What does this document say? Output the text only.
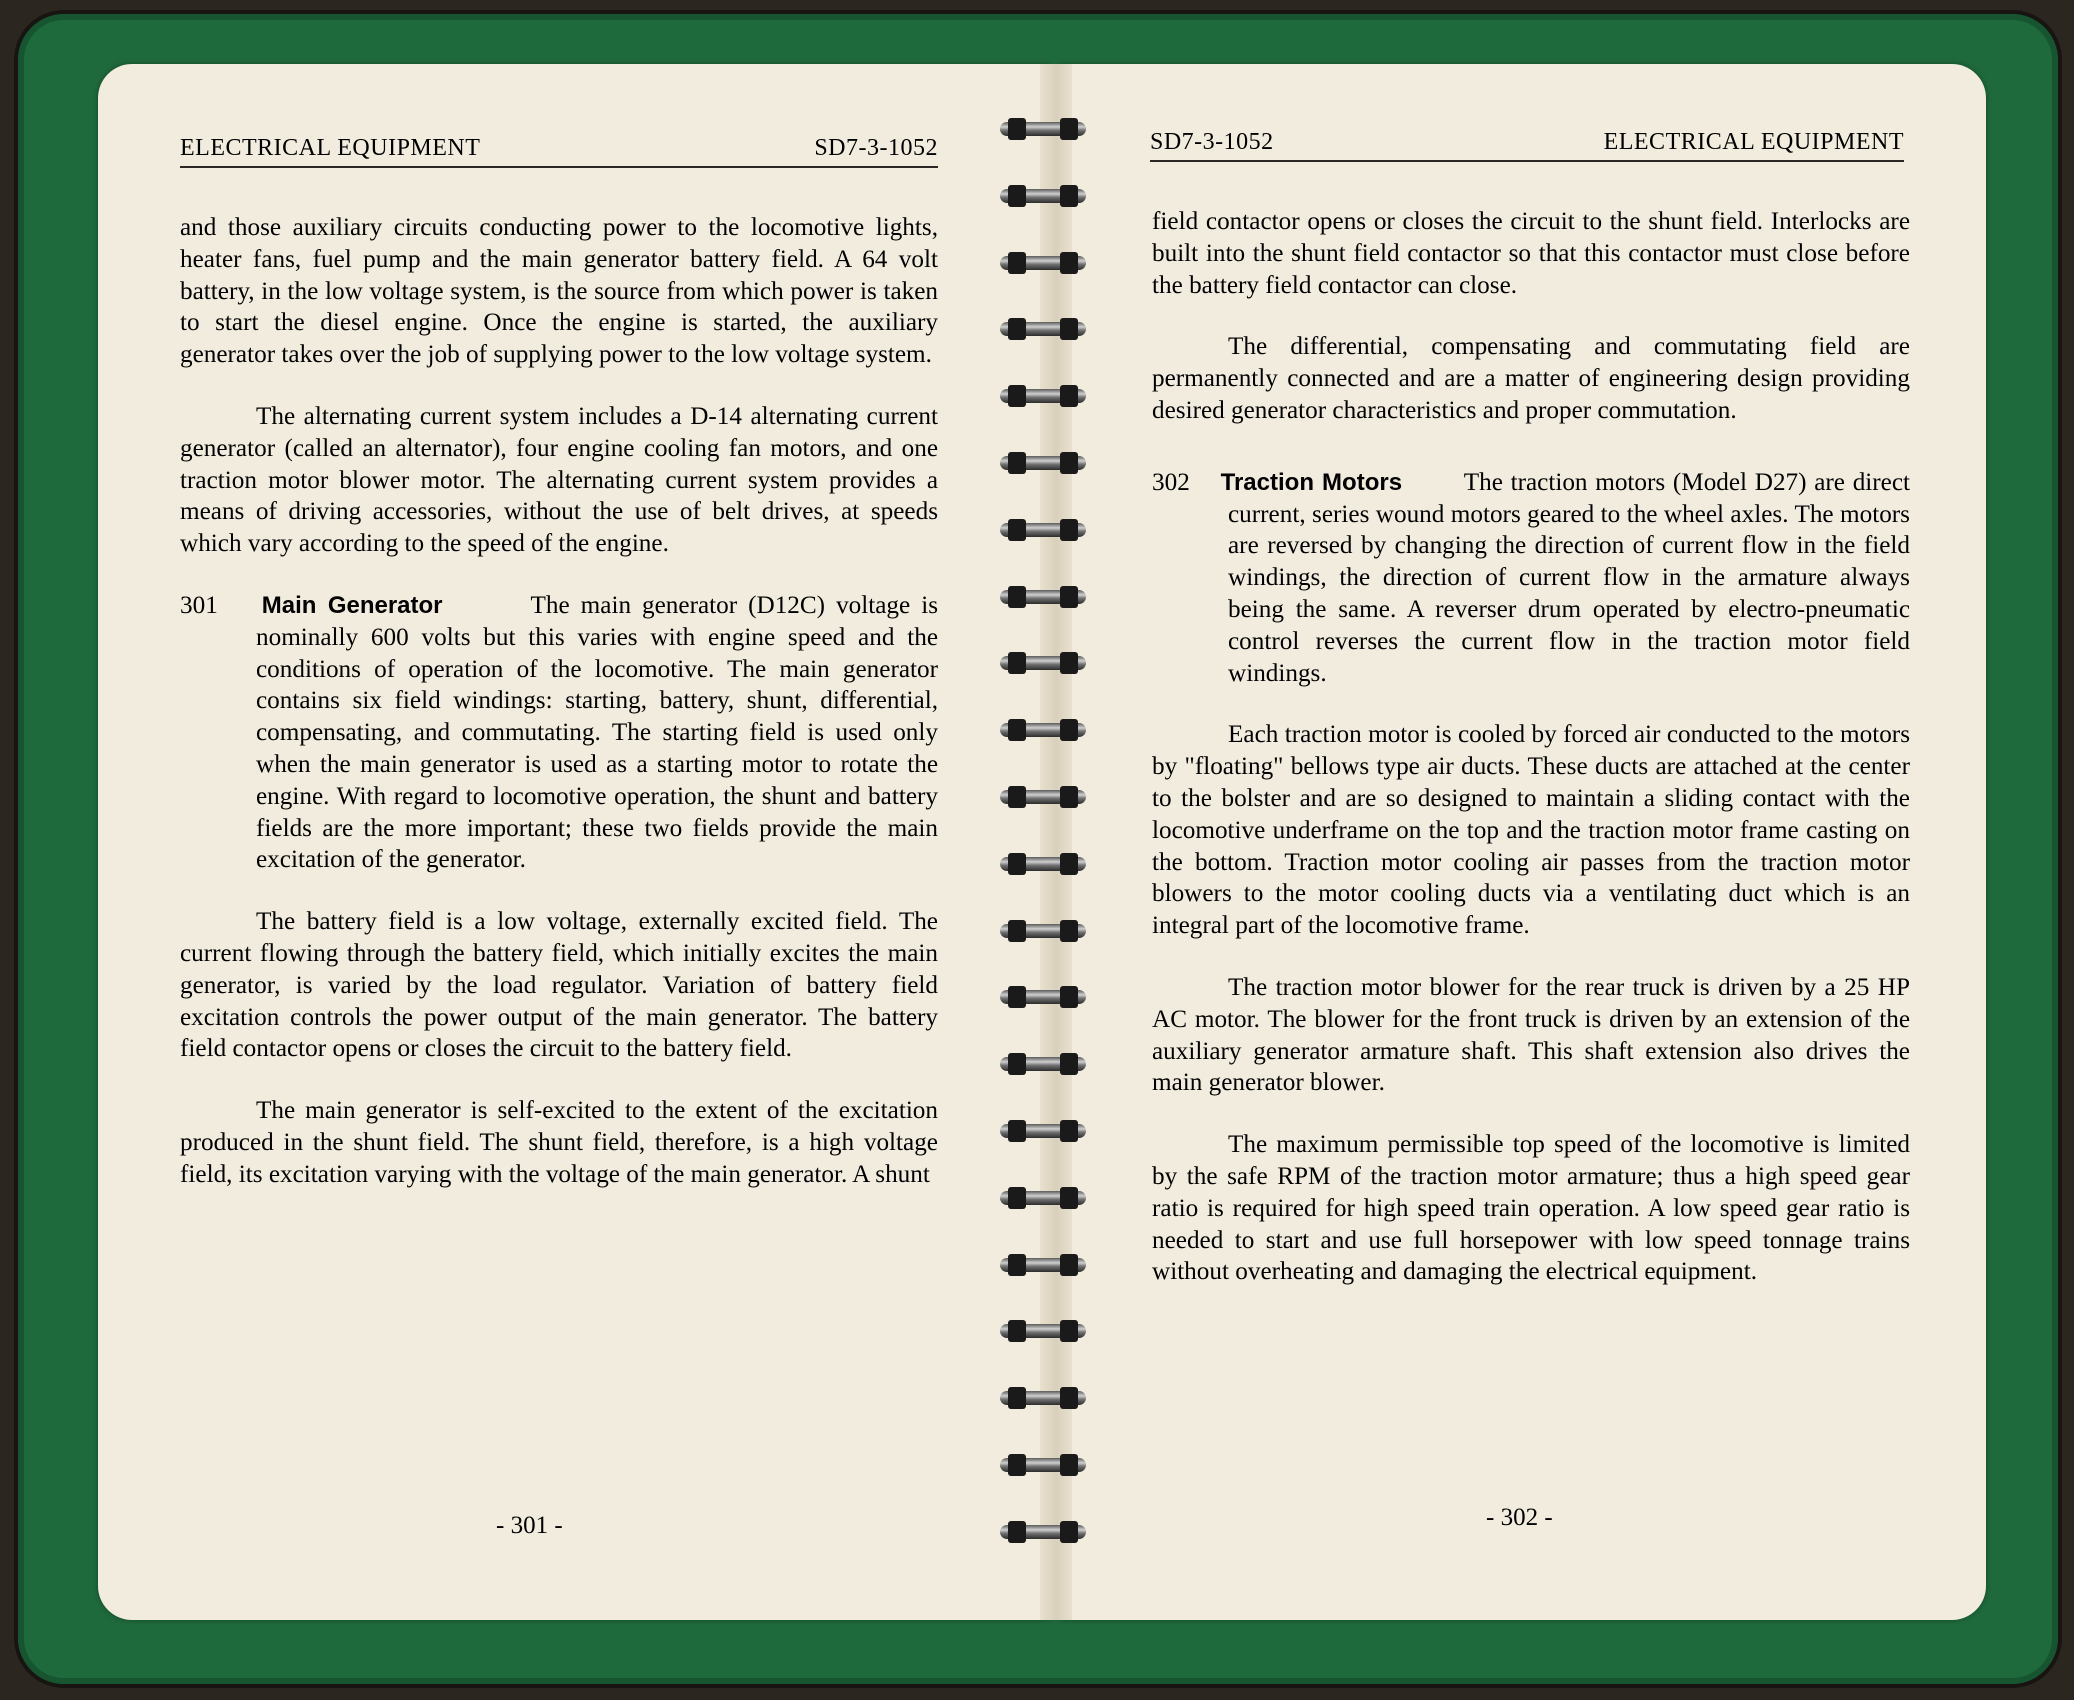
ELECTRICAL EQUIPMENT	SD7-3-1052

and those auxiliary circuits conducting power to the locomotive lights, heater fans, fuel pump and the main generator battery field. A 64 volt battery, in the low voltage system, is the source from which power is taken to start the diesel engine. Once the engine is started, the auxiliary generator takes over the job of supplying power to the low voltage system.

The alternating current system includes a D-14 alternating current generator (called an alternator), four engine cooling fan motors, and one traction motor blower motor. The alternating current system provides a means of driving accessories, without the use of belt drives, at speeds which vary according to the speed of the engine.

301 Main Generator	The main generator (D12C) voltage is nominally 600 volts but this varies with engine speed and the conditions of operation of the locomotive. The main generator contains six field windings: starting, battery, shunt, differential, compensating, and commutating. The starting field is used only when the main generator is used as a starting motor to rotate the engine. With regard to locomotive operation, the shunt and battery fields are the more important; these two fields provide the main excitation of the generator.

The battery field is a low voltage, externally excited field. The current flowing through the battery field, which initially excites the main generator, is varied by the load regulator. Variation of battery field excitation controls the power output of the main generator. The battery field contactor opens or closes the circuit to the battery field.

The main generator is self-excited to the extent of the excitation produced in the shunt field. The shunt field, therefore, is a high voltage field, its excitation varying with the voltage of the main generator. A shunt

- 301 -
SD7-3-1052	ELECTRICAL EQUIPMENT

field contactor opens or closes the circuit to the shunt field. Interlocks are built into the shunt field contactor so that this contactor must close before the battery field contactor can close.

The differential, compensating and commutating field are permanently connected and are a matter of engineering design providing desired generator characteristics and proper commutation.

302 Traction Motors The traction motors (Model D27) are direct current, series wound motors geared to the wheel axles. The motors are reversed by changing the direction of current flow in the field windings, the direction of current flow in the armature always being the same. A reverser drum operated by electro-pneumatic control reverses the current flow in the traction motor field windings.

Each traction motor is cooled by forced air conducted to the motors by "floating" bellows type air ducts. These ducts are attached at the center to the bolster and are so designed to maintain a sliding contact with the locomotive underframe on the top and the traction motor frame casting on the bottom. Traction motor cooling air passes from the traction motor blowers to the motor cooling ducts via a ventilating duct which is an integral part of the locomotive frame.

The traction motor blower for the rear truck is driven by a 25 HP AC motor. The blower for the front truck is driven by an extension of the auxiliary generator armature shaft. This shaft extension also drives the main generator blower.

The maximum permissible top speed of the locomotive is limited by the safe RPM of the traction motor armature; thus a high speed gear ratio is required for high speed train operation. A low speed gear ratio is needed to start and use full horsepower with low speed tonnage trains without overheating and damaging the electrical equipment.

- 302 -
